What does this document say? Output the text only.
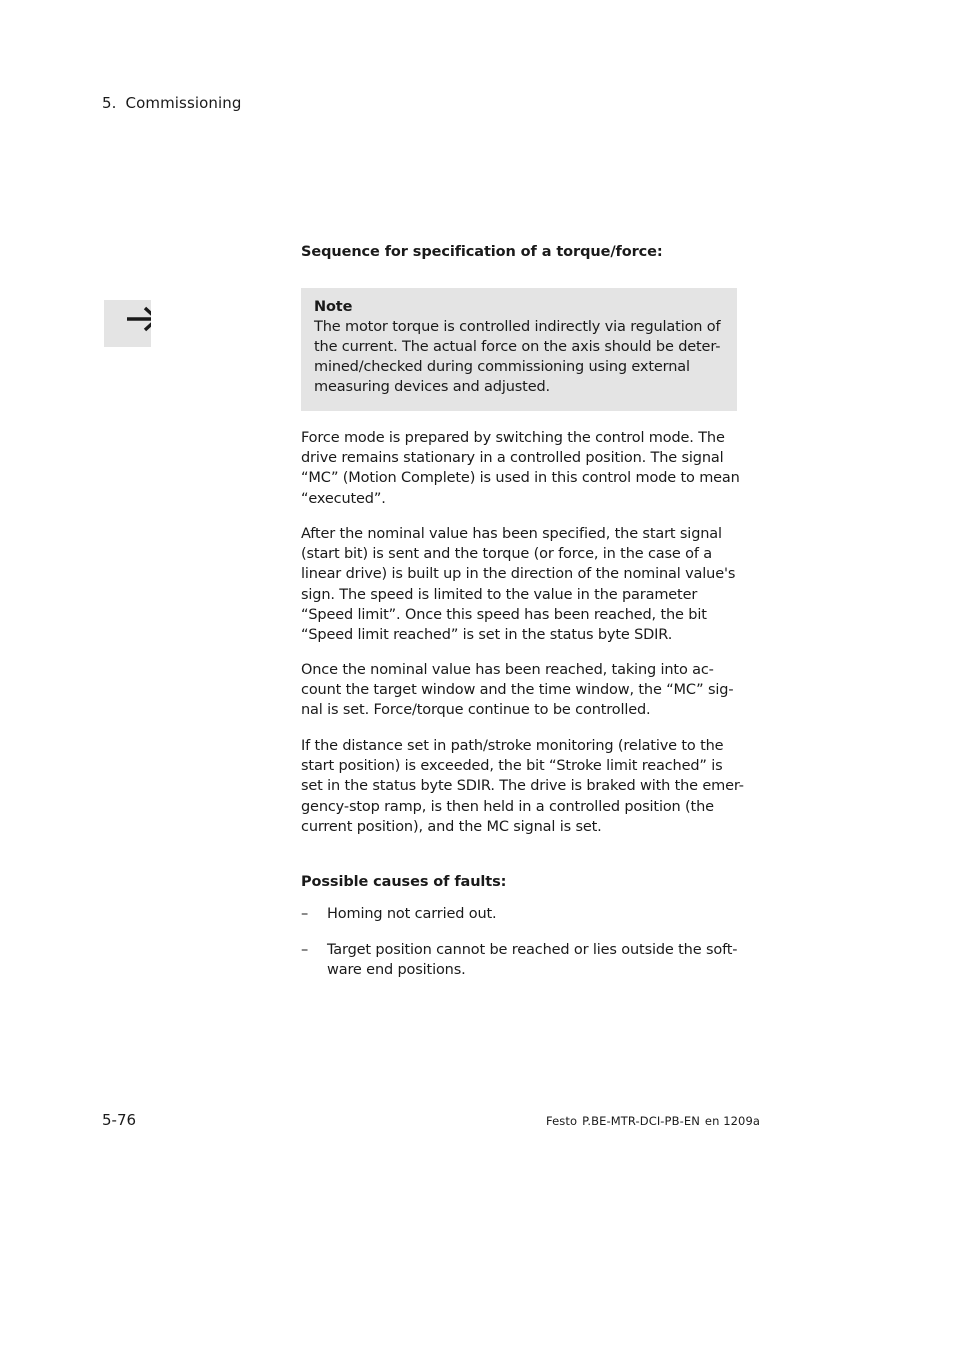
5. Commissioning
Sequence for specification of a torque/force:
Note
The motor torque is controlled indirectly via regulation of
the current. The actual force on the axis should be deter-
mined/checked during commissioning using external
measuring devices and adjusted.
Force mode is prepared by switching the control mode. The
drive remains stationary in a controlled position. The signal
“MC” (Motion Complete) is used in this control mode to mean
“executed”.
After the nominal value has been specified, the start signal
(start bit) is sent and the torque (or force, in the case of a
linear drive) is built up in the direction of the nominal value's
sign. The speed is limited to the value in the parameter
“Speed limit”. Once this speed has been reached, the bit
“Speed limit reached” is set in the status byte SDIR.
Once the nominal value has been reached, taking into ac-
count the target window and the time window, the “MC” sig-
nal is set. Force/torque continue to be controlled.
If the distance set in path/stroke monitoring (relative to the
start position) is exceeded, the bit “Stroke limit reached” is
set in the status byte SDIR. The drive is braked with the emer-
gency-stop ramp, is then held in a controlled position (the
current position), and the MC signal is set.
Possible causes of faults:
– Homing not carried out.
– Target position cannot be reached or lies outside the soft-
ware end positions.
5-76	Festo P.BE-MTR-DCI-PB-EN en 1209a
